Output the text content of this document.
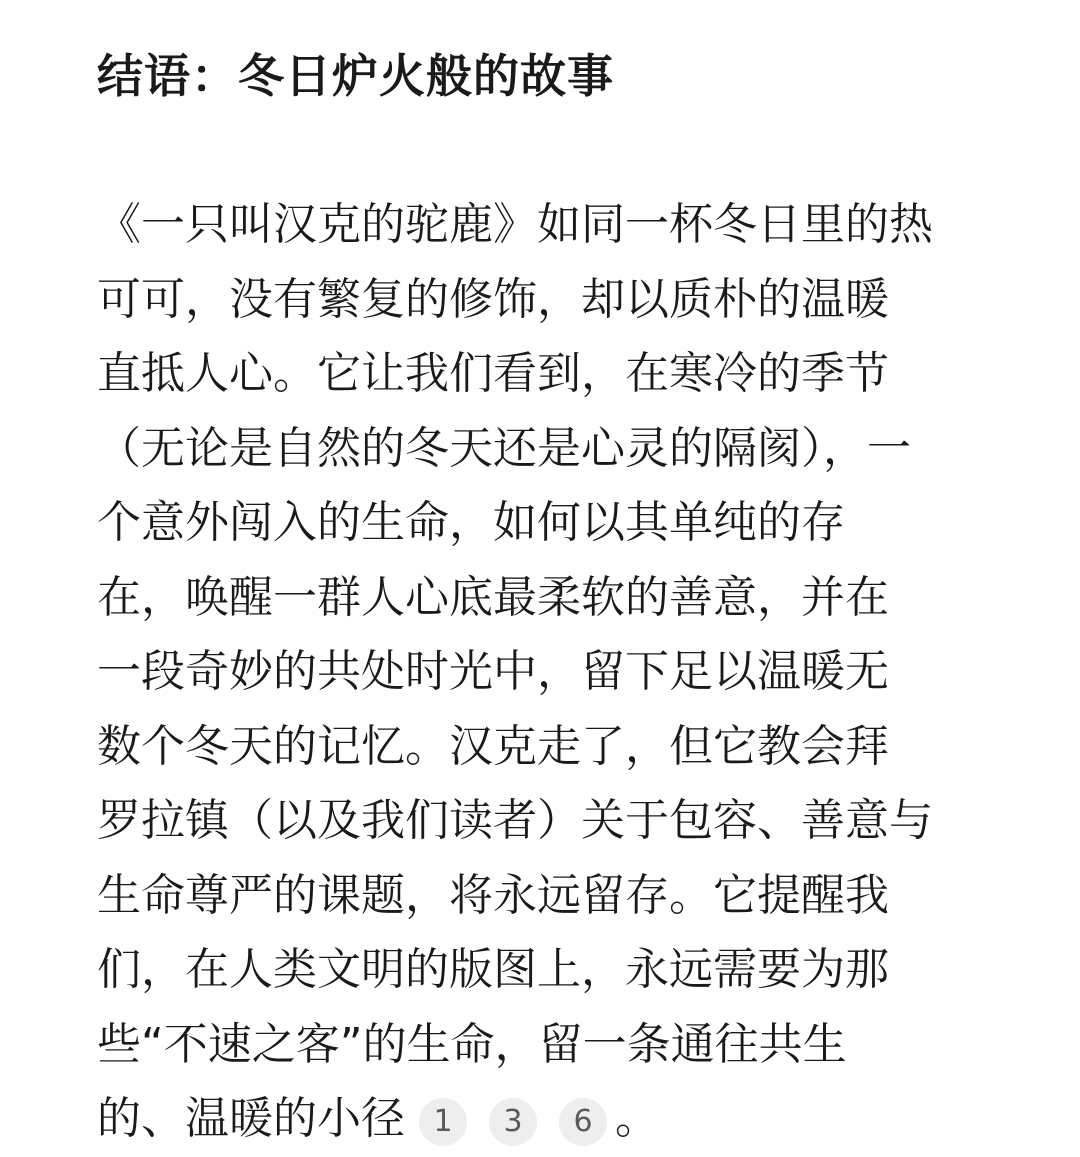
结语：冬日炉火般的故事

《一只叫汉克的驼鹿》如同一杯冬日里的热
可可，没有繁复的修饰，却以质朴的温暖
直抵人心。它让我们看到，在寒冷的季节
（无论是自然的冬天还是心灵的隔阂），一
个意外闯入的生命，如何以其单纯的存
在，唤醒一群人心底最柔软的善意，并在
一段奇妙的共处时光中，留下足以温暖无
数个冬天的记忆。汉克走了，但它教会拜
罗拉镇（以及我们读者）关于包容、善意与
生命尊严的课题，将永远留存。它提醒我
们，在人类文明的版图上，永远需要为那
些“不速之客”的生命，留一条通往共生
的、温暖的小径 1 3 6 。
